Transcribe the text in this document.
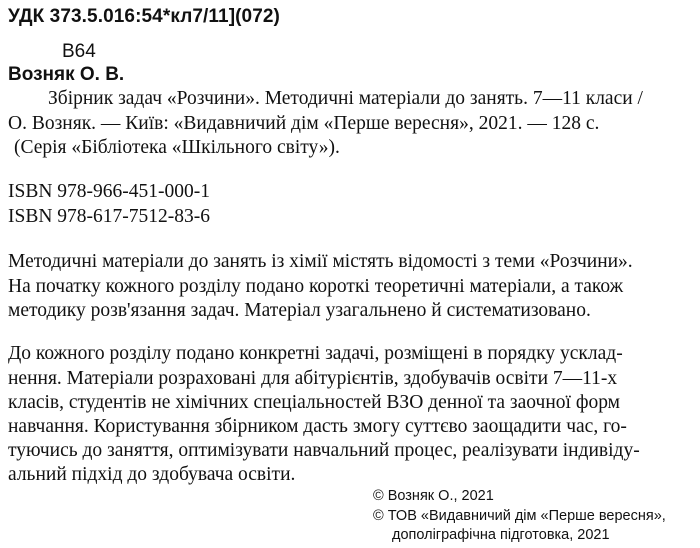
УДК 373.5.016:54*кл7/11](072)
В64
Возняк О. В.
Збірник задач «Розчини». Методичні матеріали до занять. 7—11 класи /
О. Возняк. — Київ: «Видавничий дім «Перше вересня», 2021. — 128 с.
(Серія «Бібліотека «Шкільного світу»).
ISBN 978-966-451-000-1
ISBN 978-617-7512-83-6
Методичні матеріали до занять із хімії містять відомості з теми «Розчини».
На початку кожного розділу подано короткі теоретичні матеріали, а також
методику розв'язання задач. Матеріал узагальнено й систематизовано.
До кожного розділу подано конкретні задачі, розміщені в порядку усклад-
нення. Матеріали розраховані для абітурієнтів, здобувачів освіти 7—11-х
класів, студентів не хімічних спеціальностей ВЗО денної та заочної форм
навчання. Користування збірником дасть змогу суттєво заощадити час, го-
туючись до заняття, оптимізувати навчальний процес, реалізувати індивіду-
альний підхід до здобувача освіти.
© Возняк О., 2021
© ТОВ «Видавничий дім «Перше вересня»,
дополіграфічна підготовка, 2021
